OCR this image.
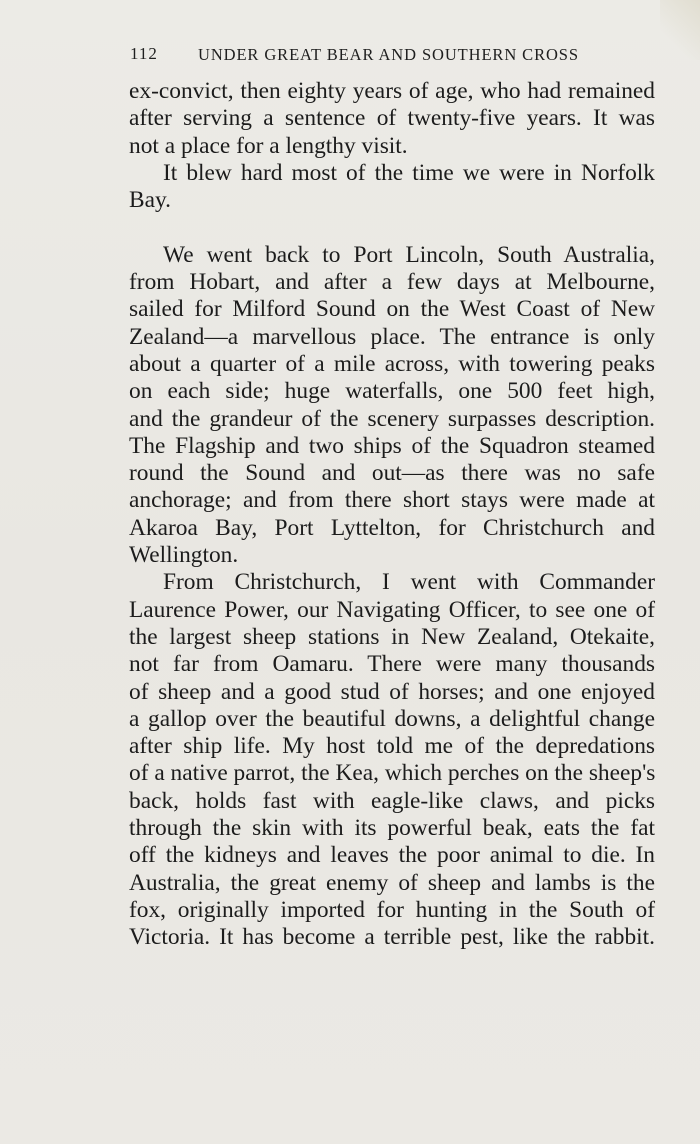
112 UNDER GREAT BEAR AND SOUTHERN CROSS
ex-convict, then eighty years of age, who had remained
after serving a sentence of twenty-five years. It was
not a place for a lengthy visit.
It blew hard most of the time we were in Norfolk
Bay.
We went back to Port Lincoln, South Australia,
from Hobart, and after a few days at Melbourne,
sailed for Milford Sound on the West Coast of New
Zealand—a marvellous place. The entrance is only
about a quarter of a mile across, with towering peaks
on each side; huge waterfalls, one 500 feet high,
and the grandeur of the scenery surpasses description.
The Flagship and two ships of the Squadron steamed
round the Sound and out—as there was no safe
anchorage; and from there short stays were made at
Akaroa Bay, Port Lyttelton, for Christchurch and
Wellington.
From Christchurch, I went with Commander
Laurence Power, our Navigating Officer, to see one of
the largest sheep stations in New Zealand, Otekaite,
not far from Oamaru. There were many thousands
of sheep and a good stud of horses; and one enjoyed
a gallop over the beautiful downs, a delightful change
after ship life. My host told me of the depredations
of a native parrot, the Kea, which perches on the sheep's
back, holds fast with eagle-like claws, and picks
through the skin with its powerful beak, eats the fat
off the kidneys and leaves the poor animal to die. In
Australia, the great enemy of sheep and lambs is the
fox, originally imported for hunting in the South of
Victoria. It has become a terrible pest, like the rabbit.
